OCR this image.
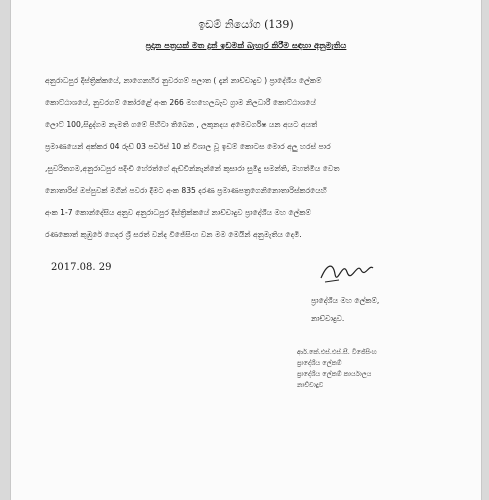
ඉඩම් නියෝග (139)
ප්‍රදාන පත්‍රයක් මත දුන් ඉඩමක් බැහැර කිරීම සඳහා අනුමැතිය
අනුරාධපුර දිස්ත්‍රික්කයේ, නාගෙනහිර නුවරගම් පලාත ( දැන් නාච්චාදුව ) ප්‍රාදේශීය ලේකම්
කොට්ඨාශයේ, නුවරගම් කෝරළේ අංක 266 මහහෙලබෑව ග්‍රාම නිලධාරී කොට්ඨාශයේ
ලොට් 100,සිදුද්ගම නැමති ගමේ පිහිටා තිබෙන , ලකුනදය අමෙවර්ගිෂ යන අයට අයත්
ප්‍රමාණයෙන් අක්කර 04 රූඩ් 03 පර්චස් 10 ක් විශාල වූ ඉඩම් කොටස මොර අලු හරස් පාර
,සුවරිතගම,අනුරාධපුර පදිංචි හේරත්ගේ ඇඩ්වින්නැන්නේ කුසාරා සුමිදු සමන්ති, මහත්මිය වෙත
නොතාරිස් ඔප්පුවක් මගින් පවරා දීමට අංක 835 දරණ ප්‍රමාණපත්‍රගෙනිනොතාරිස්කරයෙහි
අංක 1-7 කොන්දේසිය අනුව අනුරාධපුර දිස්ත්‍රික්කයේ නාච්චාදුව ප්‍රාදේශීය මහ ලේකම්
රණකොත් කුඹුරේ ගෙදර ශ්‍රී සරත් වන්ද විජේසිංහ වන මම මෙයින් අනුමැතිය දෙමි.
2017.08. 29
ප්‍රාදේශීය මහ ලේකම්,
නාච්චාදුව.
ආර්.කේ.එස්.එස්.සී. විජේසිංහ
ප්‍රාදේශීය ලේකම්
ප්‍රාදේශීය ලේකම් කාර්යාලය
නාච්චාදුව
